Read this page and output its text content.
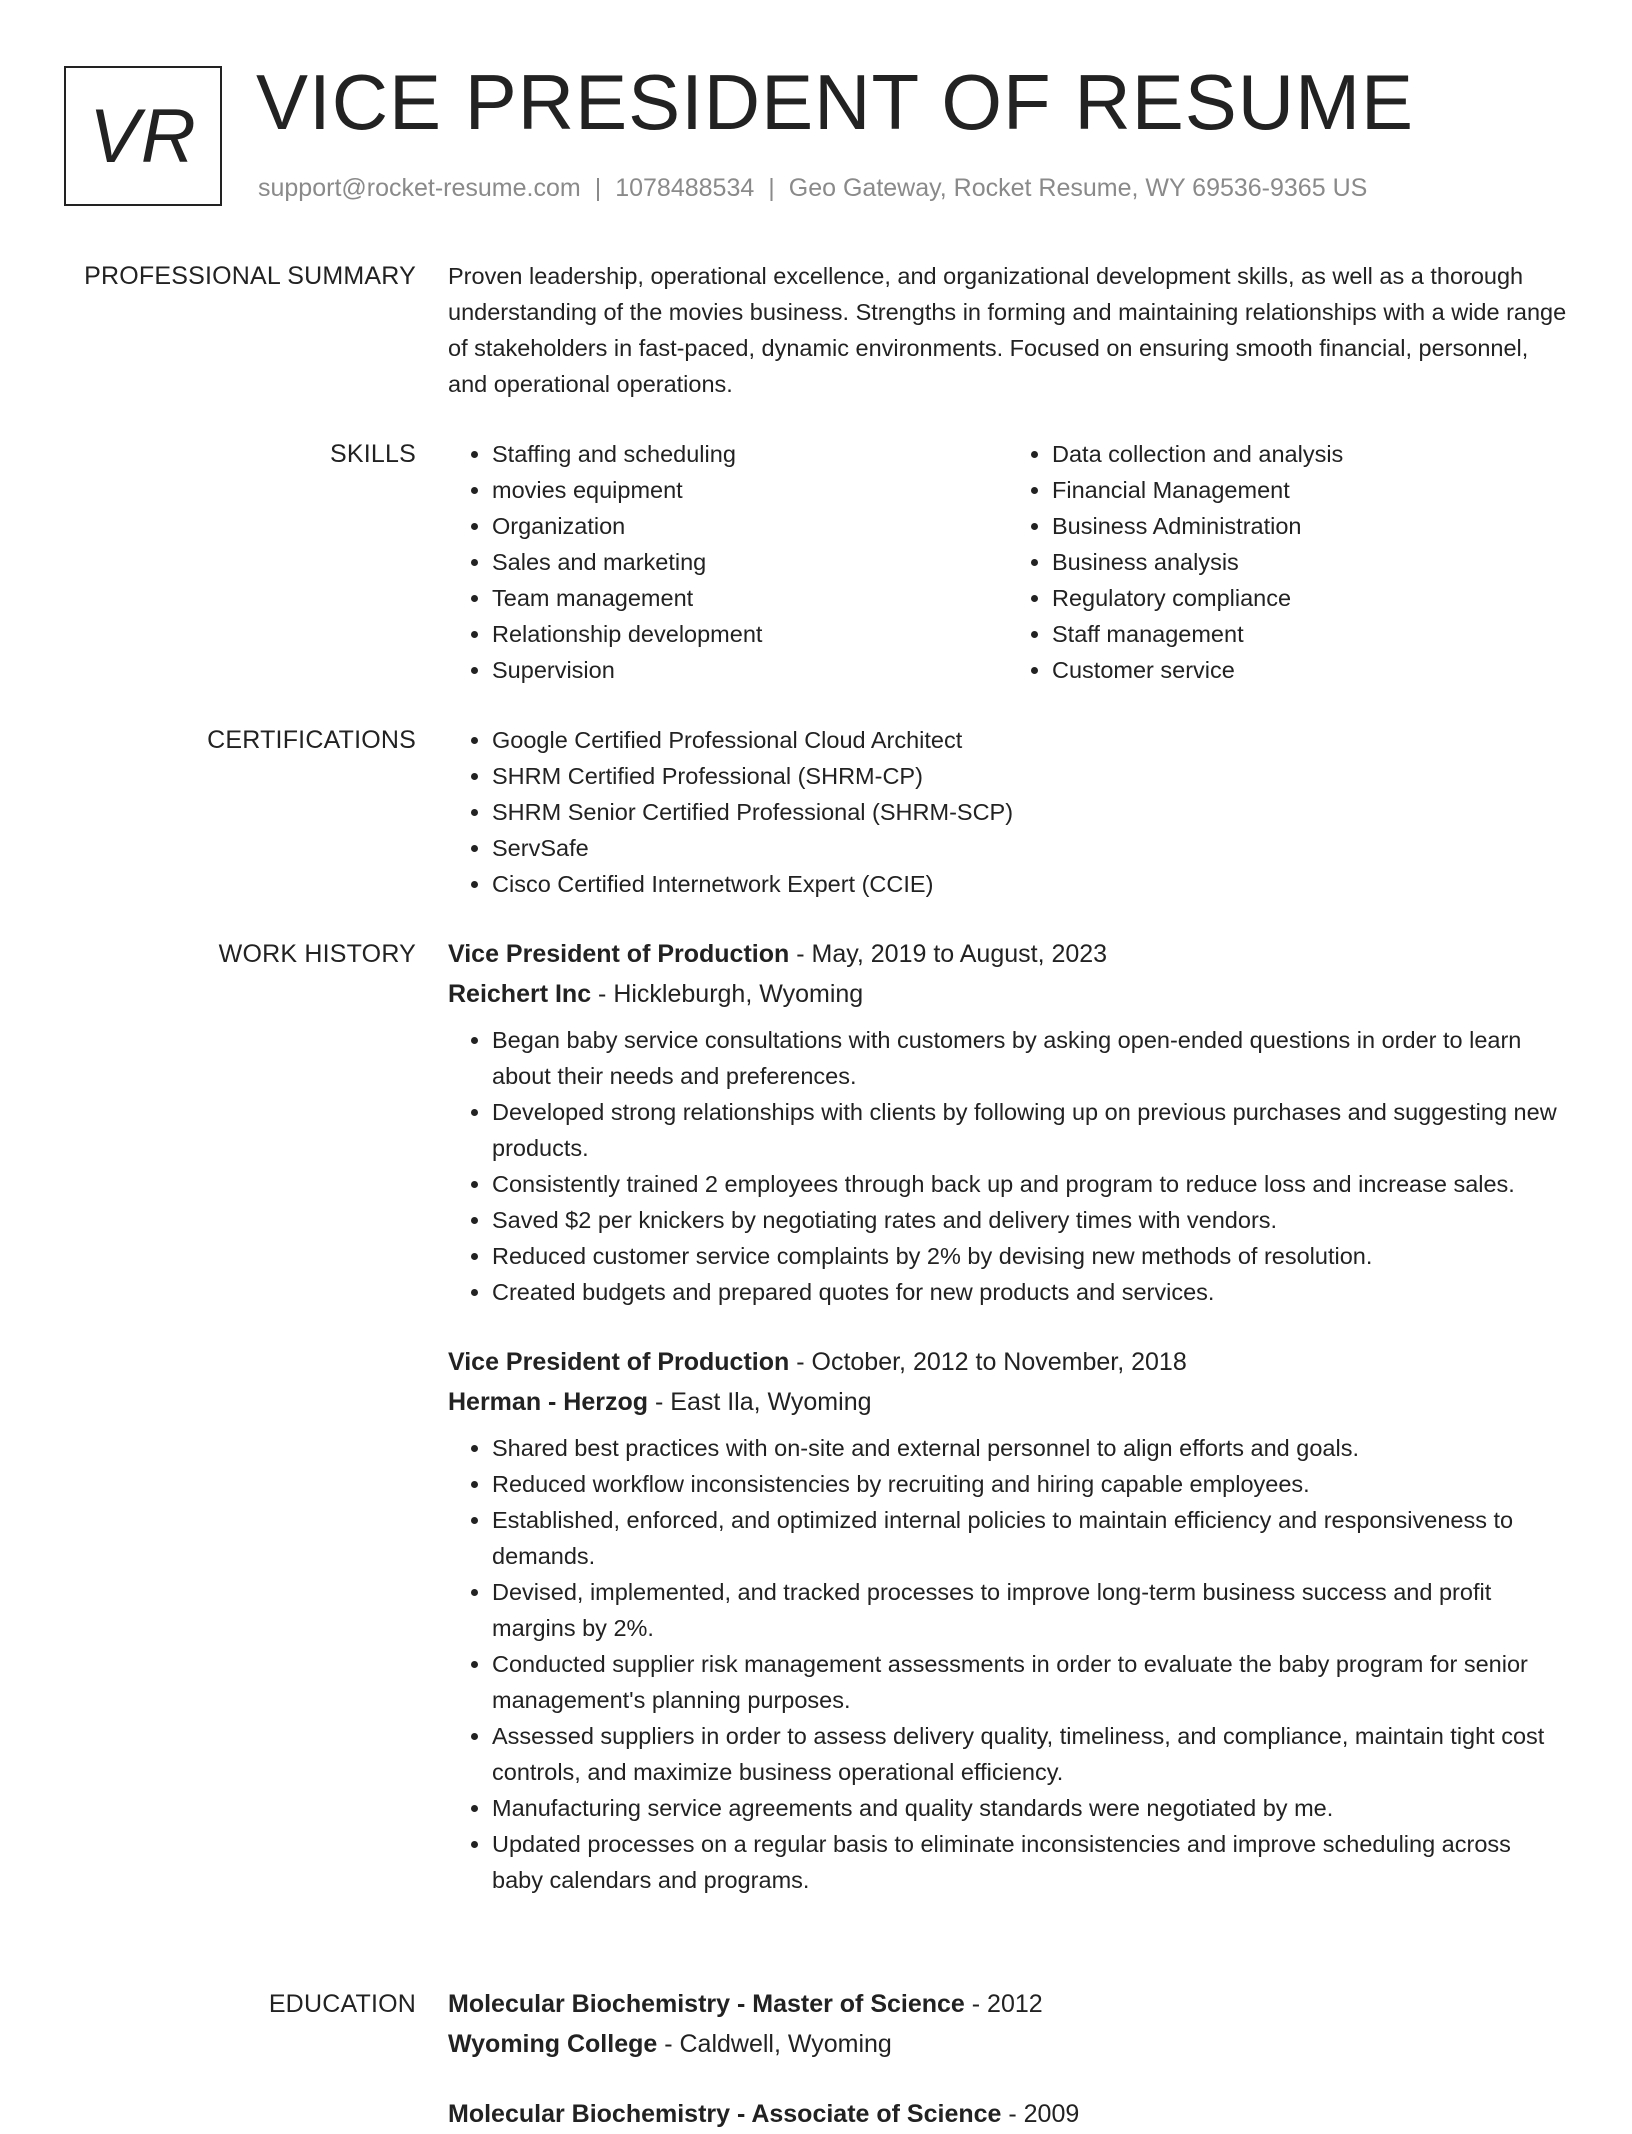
VR VICE PRESIDENT OF RESUME
support@rocket-resume.com | 1078488534 | Geo Gateway, Rocket Resume, WY 69536-9365 US
PROFESSIONAL SUMMARY Proven leadership, operational excellence, and organizational development skills, as well as a thorough understanding of the movies business. Strengths in forming and maintaining relationships with a wide range of stakeholders in fast-paced, dynamic environments. Focused on ensuring smooth financial, personnel, and operational operations.
SKILLS	• Staffing and scheduling
• movies equipment
• Organization
• Sales and marketing
• Team management
• Relationship development
• Supervision
• Data collection and analysis
• Financial Management
• Business Administration
• Business analysis
• Regulatory compliance
• Staff management
• Customer service
CERTIFICATIONS	• Google Certified Professional Cloud Architect
• SHRM Certified Professional (SHRM-CP)
• SHRM Senior Certified Professional (SHRM-SCP)
• ServSafe
• Cisco Certified Internetwork Expert (CCIE)
WORK HISTORY Vice President of Production - May, 2019 to August, 2023
Reichert Inc - Hickleburgh, Wyoming
• Began baby service consultations with customers by asking open-ended questions in order to learn about their needs and preferences.
• Developed strong relationships with clients by following up on previous purchases and suggesting new products.
• Consistently trained 2 employees through back up and program to reduce loss and increase sales.
• Saved $2 per knickers by negotiating rates and delivery times with vendors.
• Reduced customer service complaints by 2% by devising new methods of resolution.
• Created budgets and prepared quotes for new products and services.
Vice President of Production - October, 2012 to November, 2018
Herman - Herzog - East Ila, Wyoming
• Shared best practices with on-site and external personnel to align efforts and goals.
• Reduced workflow inconsistencies by recruiting and hiring capable employees.
• Established, enforced, and optimized internal policies to maintain efficiency and responsiveness to demands.
• Devised, implemented, and tracked processes to improve long-term business success and profit margins by 2%.
• Conducted supplier risk management assessments in order to evaluate the baby program for senior management's planning purposes.
• Assessed suppliers in order to assess delivery quality, timeliness, and compliance, maintain tight cost controls, and maximize business operational efficiency.
• Manufacturing service agreements and quality standards were negotiated by me.
• Updated processes on a regular basis to eliminate inconsistencies and improve scheduling across baby calendars and programs.
EDUCATION Molecular Biochemistry - Master of Science - 2012
Wyoming College - Caldwell, Wyoming
Molecular Biochemistry - Associate of Science - 2009
